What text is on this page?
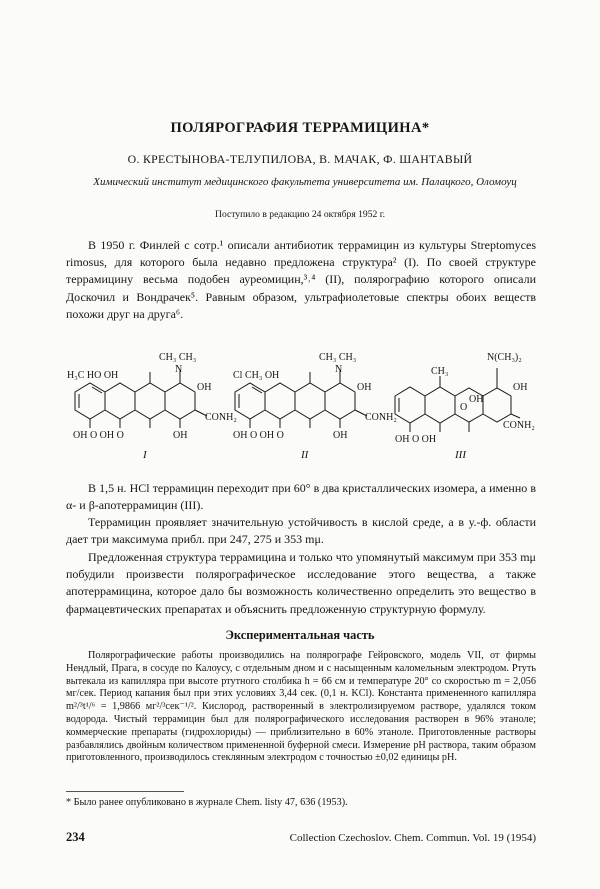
ПОЛЯРОГРАФИЯ ТЕРРАМИЦИНА*
О. КРЕСТЫНОВА-ТЕЛУПИЛОВА, В. МАЧАК, Ф. ШАНТАВЫЙ
Химический институт медицинского факультета университета им. Палацкого, Оломоуц
Поступило в редакцию 24 октября 1952 г.
В 1950 г. Финлей с сотр.¹ описали антибиотик террамицин из культуры Streptomyces rimosus, для которого была недавно предложена структура² (I). По своей структуре террамицину весьма подобен ауреомицин,³˒⁴ (II), полярографию которого описали Доскочил и Вондрачек⁵. Равным образом, ультрафиолетовые спектры обоих веществ похожи друг на друга⁶.
CH₃ CH₃
N
H₃C HO OH
OH
CONH₂
OH O OH O	OH
I
CH₃ CH₃
N
Cl CH₃ OH
OH
CONH₂
OH O OH O	OH
II
N(CH₃)₂
CH₃
OH
CONH₂
O
OH
OH O OH
III
В 1,5 н. HCl террамицин переходит при 60° в два кристаллических изомера, а именно в α- и β-апотеррамицин (III).
Террамицин проявляет значительную устойчивость в кислой среде, а в у.-ф. области дает три максимума прибл. при 247, 275 и 353 mμ.
Предложенная структура террамицина и только что упомянутый максимум при 353 mμ побудили произвести полярографическое исследование этого вещества, а также апотеррамицина, которое дало бы возможность количественно определить это вещество в фармацевтических препаратах и объяснить предложенную структурную формулу.
Экспериментальная часть
Полярографические работы производились на полярографе Гейровского, модель VII, от фирмы Нендлый, Прага, в сосуде по Калоусу, с отдельным дном и с насыщенным каломельным электродом. Ртуть вытекала из капилляра при высоте ртутного столбика h = 66 см и температуре 20° со скоростью m = 2,056 мг/сек. Период капания был при этих условиях 3,44 сек. (0,1 н. KCl). Константа примененного капилляра m²/³t¹/⁶ = 1,9866 мг²/³сек⁻¹/². Кислород, растворенный в электролизируемом растворе, удалялся током водорода. Чистый террамицин был для полярографического исследования растворен в 96% этаноле; коммерческие препараты (гидрохлориды) — приблизительно в 60% этаноле. Приготовленные растворы разбавлялись двойным количеством примененной буферной смеси. Измерение pH раствора, таким образом приготовленного, производилось стеклянным электродом с точностью ±0,02 единицы pH.
* Было ранее опубликовано в журнале Chem. listy 47, 636 (1953).
234	Collection Czechoslov. Chem. Commun. Vol. 19 (1954)
